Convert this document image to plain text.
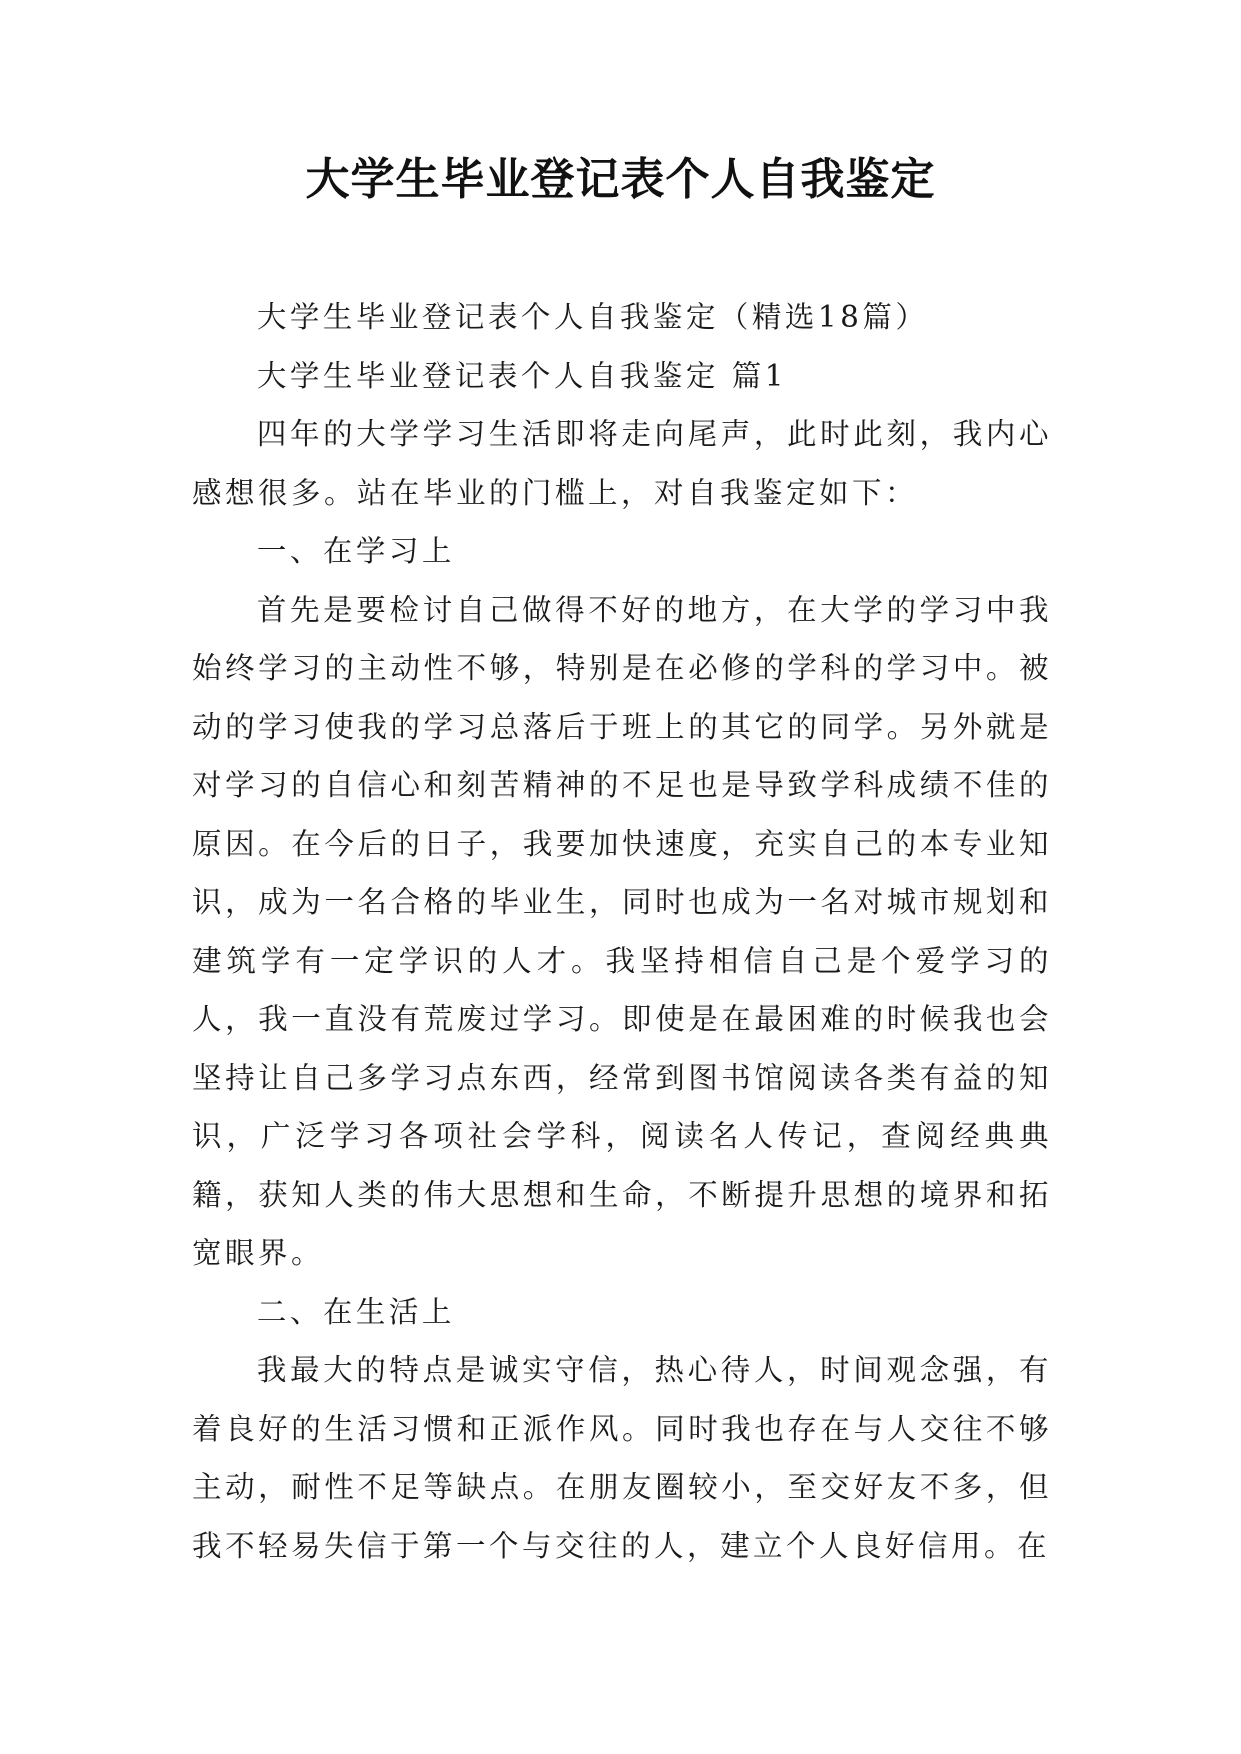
大学生毕业登记表个人自我鉴定

大学生毕业登记表个人自我鉴定（精选18篇）

大学生毕业登记表个人自我鉴定 篇1

四年的大学学习生活即将走向尾声，此时此刻，我内心感想很多。站在毕业的门槛上，对自我鉴定如下：

一、在学习上

首先是要检讨自己做得不好的地方，在大学的学习中我始终学习的主动性不够，特别是在必修的学科的学习中。被动的学习使我的学习总落后于班上的其它的同学。另外就是对学习的自信心和刻苦精神的不足也是导致学科成绩不佳的原因。在今后的日子，我要加快速度，充实自己的本专业知识，成为一名合格的毕业生，同时也成为一名对城市规划和建筑学有一定学识的人才。我坚持相信自己是个爱学习的人，我一直没有荒废过学习。即使是在最困难的时候我也会坚持让自己多学习点东西，经常到图书馆阅读各类有益的知识，广泛学习各项社会学科，阅读名人传记，查阅经典典籍，获知人类的伟大思想和生命，不断提升思想的境界和拓宽眼界。

二、在生活上

我最大的特点是诚实守信，热心待人，时间观念强，有着良好的生活习惯和正派作风。同时我也存在与人交往不够主动，耐性不足等缺点。在朋友圈较小，至交好友不多，但我不轻易失信于第一个与交往的人，建立个人良好信用。在
